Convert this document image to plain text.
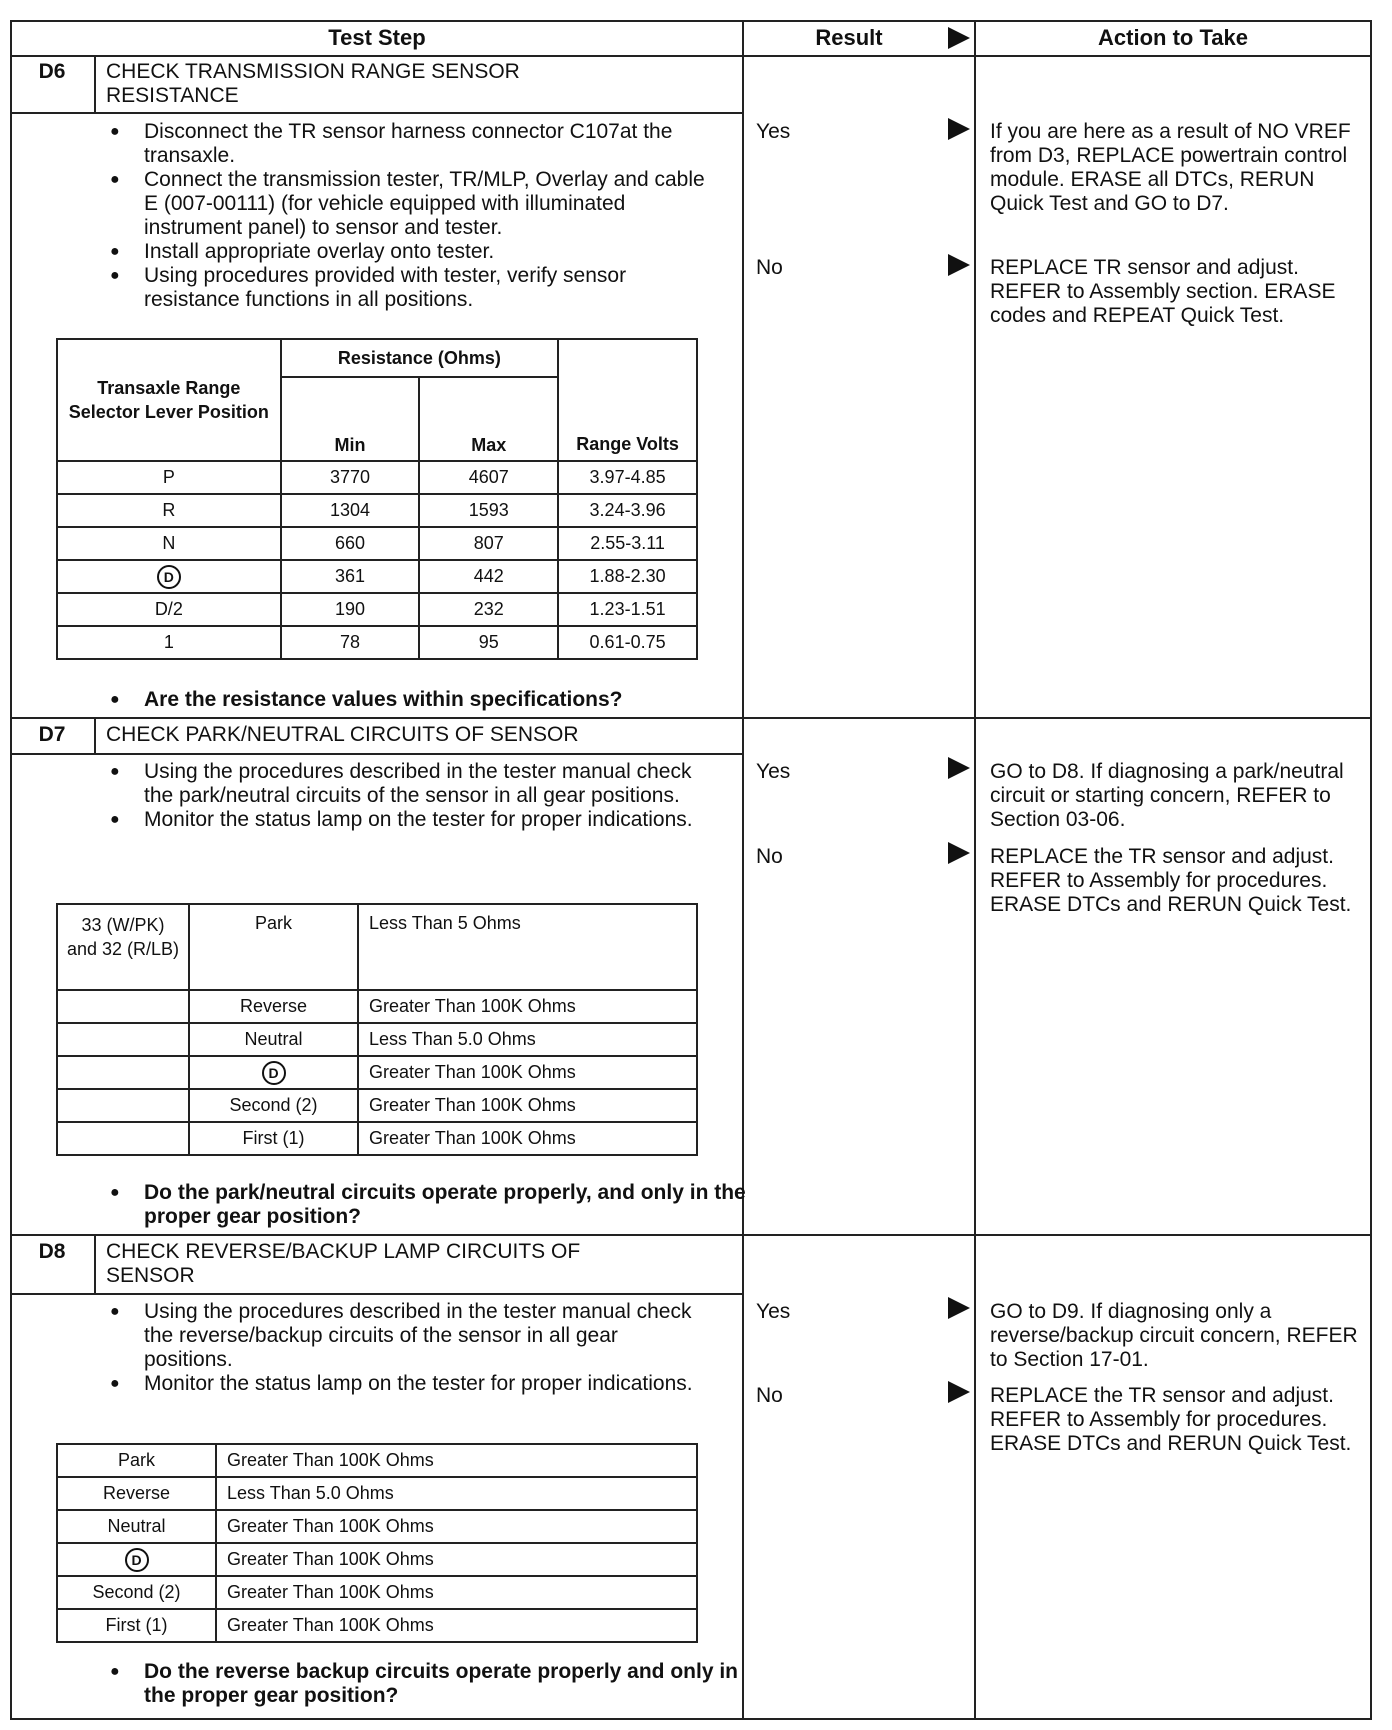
Test Step	Result	Action to Take
D6	CHECK TRANSMISSION RANGE SENSOR RESISTANCE
● Disconnect the TR sensor harness connector C107at the transaxle.
● Connect the transmission tester, TR/MLP, Overlay and cable E (007-00111) (for vehicle equipped with illuminated instrument panel) to sensor and tester.
● Install appropriate overlay onto tester.
● Using procedures provided with tester, verify sensor resistance functions in all positions.
Transaxle Range Selector Lever Position	Resistance (Ohms)		Range Volts
	Min	Max	
P	3770	4607	3.97-4.85
R	1304	1593	3.24-3.96
N	660	807	2.55-3.11
D	361	442	1.88-2.30
D/2	190	232	1.23-1.51
1	78	95	0.61-0.75
● Are the resistance values within specifications?
Yes	If you are here as a result of NO VREF from D3, REPLACE powertrain control module. ERASE all DTCs, RERUN Quick Test and GO to D7.
No	REPLACE TR sensor and adjust. REFER to Assembly section. ERASE codes and REPEAT Quick Test.
D7	CHECK PARK/NEUTRAL CIRCUITS OF SENSOR
● Using the procedures described in the tester manual check the park/neutral circuits of the sensor in all gear positions.
● Monitor the status lamp on the tester for proper indications.
33 (W/PK) and 32 (R/LB)	Park	Less Than 5 Ohms
	Reverse	Greater Than 100K Ohms
	Neutral	Less Than 5.0 Ohms
	D	Greater Than 100K Ohms
	Second (2)	Greater Than 100K Ohms
	First (1)	Greater Than 100K Ohms
● Do the park/neutral circuits operate properly, and only in the proper gear position?
Yes	GO to D8. If diagnosing a park/neutral circuit or starting concern, REFER to Section 03-06.
No	REPLACE the TR sensor and adjust. REFER to Assembly for procedures. ERASE DTCs and RERUN Quick Test.
D8	CHECK REVERSE/BACKUP LAMP CIRCUITS OF SENSOR
● Using the procedures described in the tester manual check the reverse/backup circuits of the sensor in all gear positions.
● Monitor the status lamp on the tester for proper indications.
Park	Greater Than 100K Ohms
Reverse	Less Than 5.0 Ohms
Neutral	Greater Than 100K Ohms
D	Greater Than 100K Ohms
Second (2)	Greater Than 100K Ohms
First (1)	Greater Than 100K Ohms
● Do the reverse backup circuits operate properly and only in the proper gear position?
Yes	GO to D9. If diagnosing only a reverse/backup circuit concern, REFER to Section 17-01.
No	REPLACE the TR sensor and adjust. REFER to Assembly for procedures. ERASE DTCs and RERUN Quick Test.
